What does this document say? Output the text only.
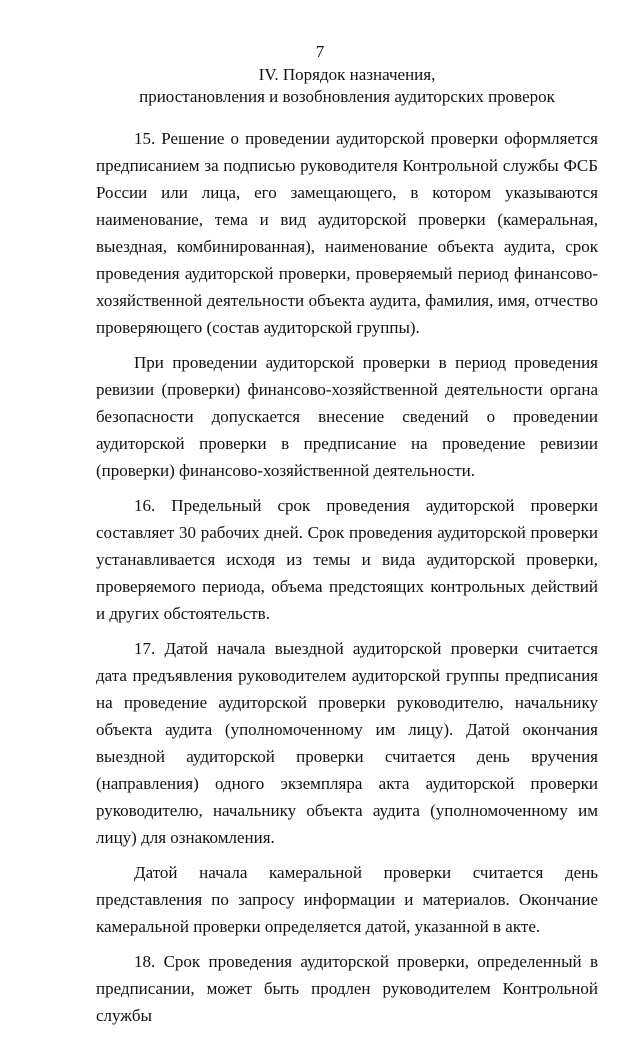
7
IV. Порядок назначения,
приостановления и возобновления аудиторских проверок

15. Решение о проведении аудиторской проверки оформляется предписанием за подписью руководителя Контрольной службы ФСБ России или лица, его замещающего, в котором указываются наименование, тема и вид аудиторской проверки (камеральная, выездная, комбинированная), наименование объекта аудита, срок проведения аудиторской проверки, проверяемый период финансово-хозяйственной деятельности объекта аудита, фамилия, имя, отчество проверяющего (состав аудиторской группы).

При проведении аудиторской проверки в период проведения ревизии (проверки) финансово-хозяйственной деятельности органа безопасности допускается внесение сведений о проведении аудиторской проверки в предписание на проведение ревизии (проверки) финансово-хозяйственной деятельности.

16. Предельный срок проведения аудиторской проверки составляет 30 рабочих дней. Срок проведения аудиторской проверки устанавливается исходя из темы и вида аудиторской проверки, проверяемого периода, объема предстоящих контрольных действий и других обстоятельств.

17. Датой начала выездной аудиторской проверки считается дата предъявления руководителем аудиторской группы предписания на проведение аудиторской проверки руководителю, начальнику объекта аудита (уполномоченному им лицу). Датой окончания выездной аудиторской проверки считается день вручения (направления) одного экземпляра акта аудиторской проверки руководителю, начальнику объекта аудита (уполномоченному им лицу) для ознакомления.

Датой начала камеральной проверки считается день представления по запросу информации и материалов. Окончание камеральной проверки определяется датой, указанной в акте.

18. Срок проведения аудиторской проверки, определенный в предписании, может быть продлен руководителем Контрольной службы
